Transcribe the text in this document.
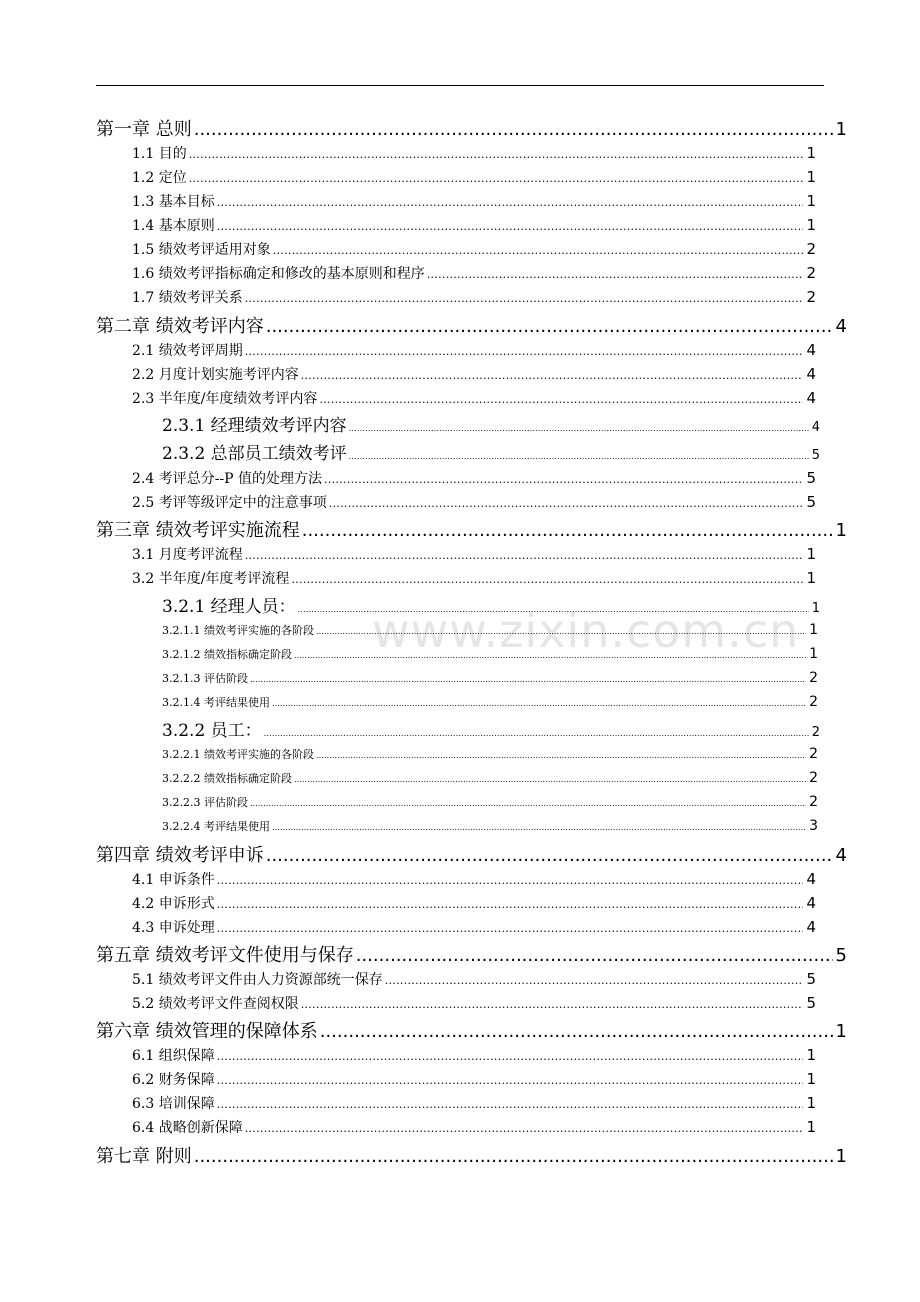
www.zixin.com.cn
第一章 总则 .....	1
1.1 目的 .....	1
1.2 定位 .....	1
1.3 基本目标 .....	1
1.4 基本原则 .....	1
1.5 绩效考评适用对象 .....	2
1.6 绩效考评指标确定和修改的基本原则和程序 .....	2
1.7 绩效考评关系 .....	2
第二章 绩效考评内容 .....	4
2.1 绩效考评周期 .....	4
2.2 月度计划实施考评内容 .....	4
2.3 半年度/年度绩效考评内容 .....	4
2.3.1 经理绩效考评内容 .....	4
2.3.2 总部员工绩效考评 .....	5
2.4 考评总分--P 值的处理方法 .....	5
2.5 考评等级评定中的注意事项 .....	5
第三章 绩效考评实施流程 .....	1
3.1 月度考评流程 .....	1
3.2 半年度/年度考评流程 .....	1
3.2.1 经理人员： .....	1
3.2.1.1 绩效考评实施的各阶段 .....	1
3.2.1.2 绩效指标确定阶段 .....	1
3.2.1.3 评估阶段 .....	2
3.2.1.4 考评结果使用 .....	2
3.2.2 员工： .....	2
3.2.2.1 绩效考评实施的各阶段 .....	2
3.2.2.2 绩效指标确定阶段 .....	2
3.2.2.3 评估阶段 .....	2
3.2.2.4 考评结果使用 .....	3
第四章 绩效考评申诉 .....	4
4.1 申诉条件 .....	4
4.2 申诉形式 .....	4
4.3 申诉处理 .....	4
第五章 绩效考评文件使用与保存 .....	5
5.1 绩效考评文件由人力资源部统一保存 .....	5
5.2 绩效考评文件查阅权限 .....	5
第六章 绩效管理的保障体系 .....	1
6.1 组织保障 .....	1
6.2 财务保障 .....	1
6.3 培训保障 .....	1
6.4 战略创新保障 .....	1
第七章 附则 .....	1
